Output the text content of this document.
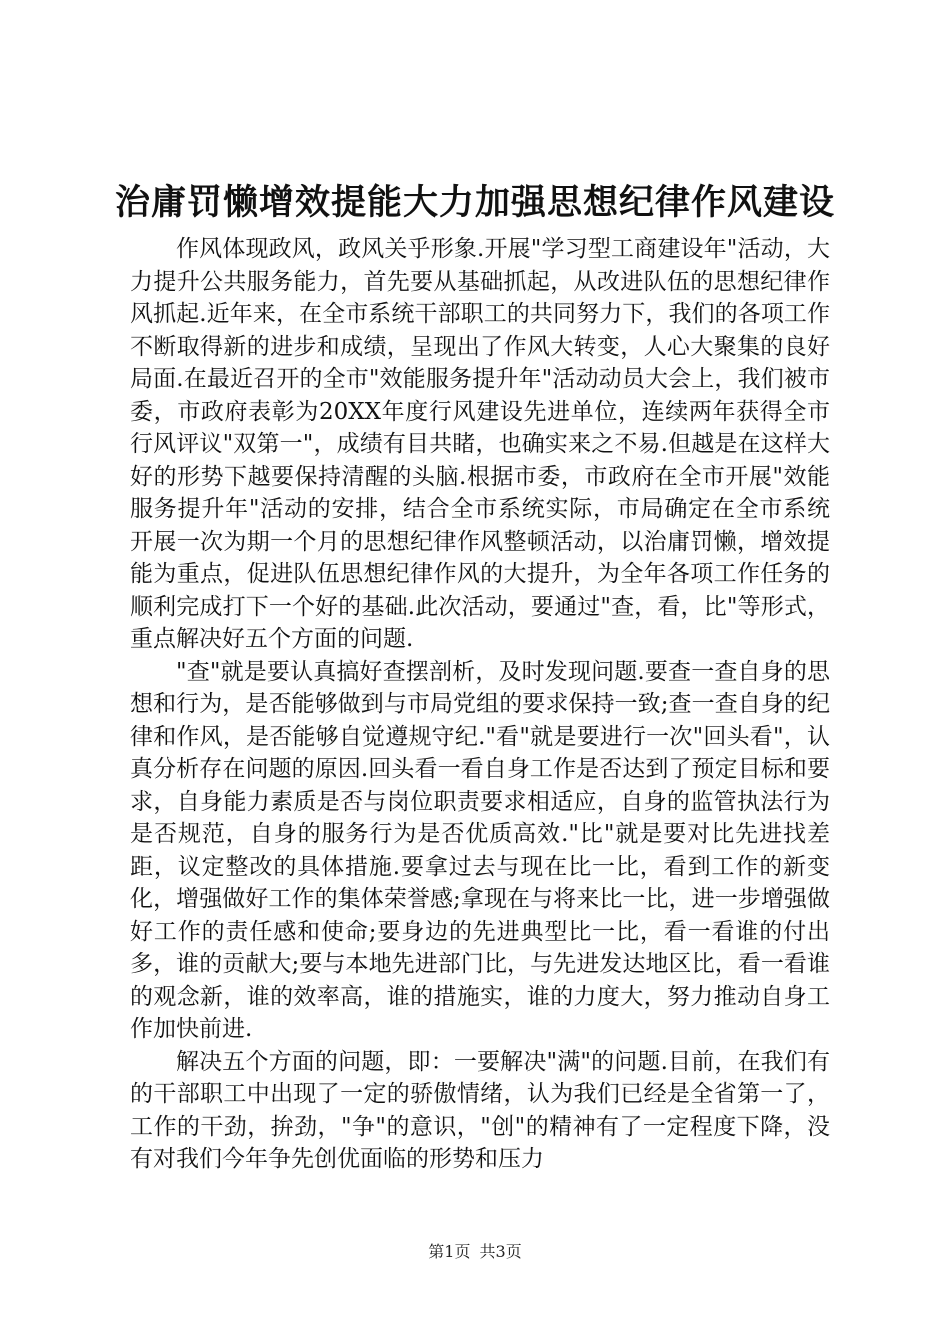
治庸罚懒增效提能大力加强思想纪律作风建设

作风体现政风，政风关乎形象.开展"学习型工商建设年"活动，大力提升公共服务能力，首先要从基础抓起，从改进队伍的思想纪律作风抓起.近年来，在全市系统干部职工的共同努力下，我们的各项工作不断取得新的进步和成绩，呈现出了作风大转变，人心大聚集的良好局面.在最近召开的全市"效能服务提升年"活动动员大会上，我们被市委，市政府表彰为20XX年度行风建设先进单位，连续两年获得全市行风评议"双第一"，成绩有目共睹，也确实来之不易.但越是在这样大好的形势下越要保持清醒的头脑.根据市委，市政府在全市开展"效能服务提升年"活动的安排，结合全市系统实际，市局确定在全市系统开展一次为期一个月的思想纪律作风整顿活动，以治庸罚懒，增效提能为重点，促进队伍思想纪律作风的大提升，为全年各项工作任务的顺利完成打下一个好的基础.此次活动，要通过"查，看，比"等形式，重点解决好五个方面的问题.

"查"就是要认真搞好查摆剖析，及时发现问题.要查一查自身的思想和行为，是否能够做到与市局党组的要求保持一致;查一查自身的纪律和作风，是否能够自觉遵规守纪."看"就是要进行一次"回头看"，认真分析存在问题的原因.回头看一看自身工作是否达到了预定目标和要求，自身能力素质是否与岗位职责要求相适应，自身的监管执法行为是否规范，自身的服务行为是否优质高效."比"就是要对比先进找差距，议定整改的具体措施.要拿过去与现在比一比，看到工作的新变化，增强做好工作的集体荣誉感;拿现在与将来比一比，进一步增强做好工作的责任感和使命;要身边的先进典型比一比，看一看谁的付出多，谁的贡献大;要与本地先进部门比，与先进发达地区比，看一看谁的观念新，谁的效率高，谁的措施实，谁的力度大，努力推动自身工作加快前进.

解决五个方面的问题，即：一要解决"满"的问题.目前，在我们有的干部职工中出现了一定的骄傲情绪，认为我们已经是全省第一了，工作的干劲，拚劲，"争"的意识，"创"的精神有了一定程度下降，没有对我们今年争先创优面临的形势和压力

第1页 共3页
